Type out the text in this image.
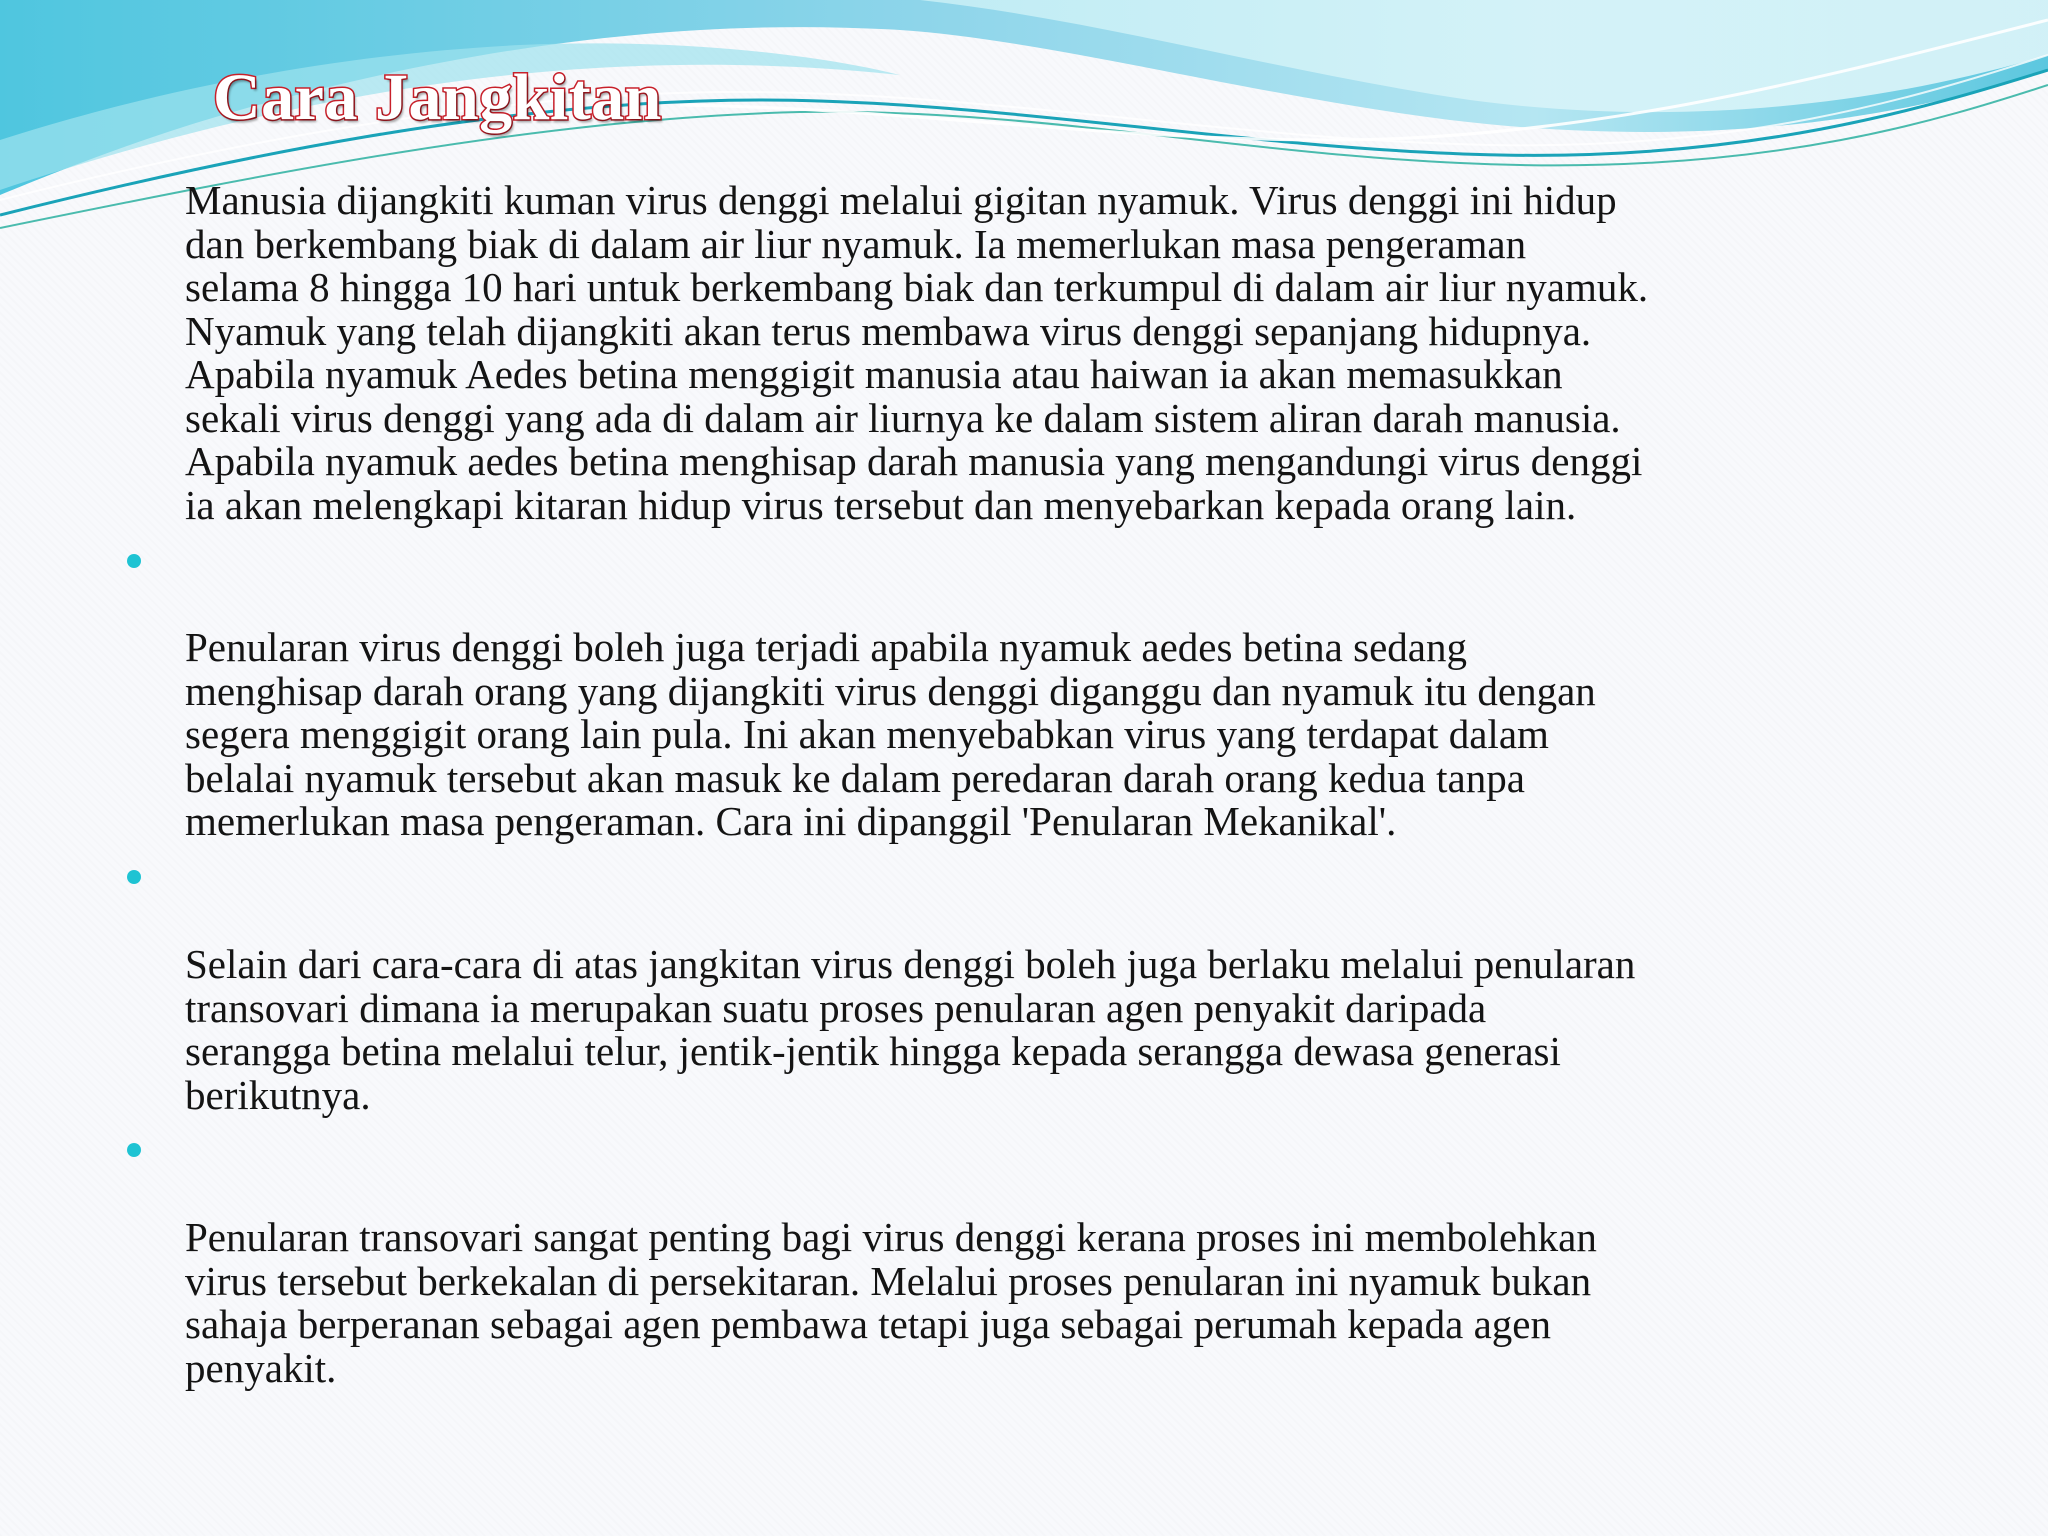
Cara Jangkitan

Manusia dijangkiti kuman virus denggi melalui gigitan nyamuk. Virus denggi ini hidup
dan berkembang biak di dalam air liur nyamuk. Ia memerlukan masa pengeraman
selama 8 hingga 10 hari untuk berkembang biak dan terkumpul di dalam air liur nyamuk.
Nyamuk yang telah dijangkiti akan terus membawa virus denggi sepanjang hidupnya.
Apabila nyamuk Aedes betina menggigit manusia atau haiwan ia akan memasukkan
sekali virus denggi yang ada di dalam air liurnya ke dalam sistem aliran darah manusia.
Apabila nyamuk aedes betina menghisap darah manusia yang mengandungi virus denggi
ia akan melengkapi kitaran hidup virus tersebut dan menyebarkan kepada orang lain.

Penularan virus denggi boleh juga terjadi apabila nyamuk aedes betina sedang
menghisap darah orang yang dijangkiti virus denggi diganggu dan nyamuk itu dengan
segera menggigit orang lain pula. Ini akan menyebabkan virus yang terdapat dalam
belalai nyamuk tersebut akan masuk ke dalam peredaran darah orang kedua tanpa
memerlukan masa pengeraman. Cara ini dipanggil 'Penularan Mekanikal'.

Selain dari cara-cara di atas jangkitan virus denggi boleh juga berlaku melalui penularan
transovari dimana ia merupakan suatu proses penularan agen penyakit daripada
serangga betina melalui telur, jentik-jentik hingga kepada serangga dewasa generasi
berikutnya.

Penularan transovari sangat penting bagi virus denggi kerana proses ini membolehkan
virus tersebut berkekalan di persekitaran. Melalui proses penularan ini nyamuk bukan
sahaja berperanan sebagai agen pembawa tetapi juga sebagai perumah kepada agen
penyakit.
